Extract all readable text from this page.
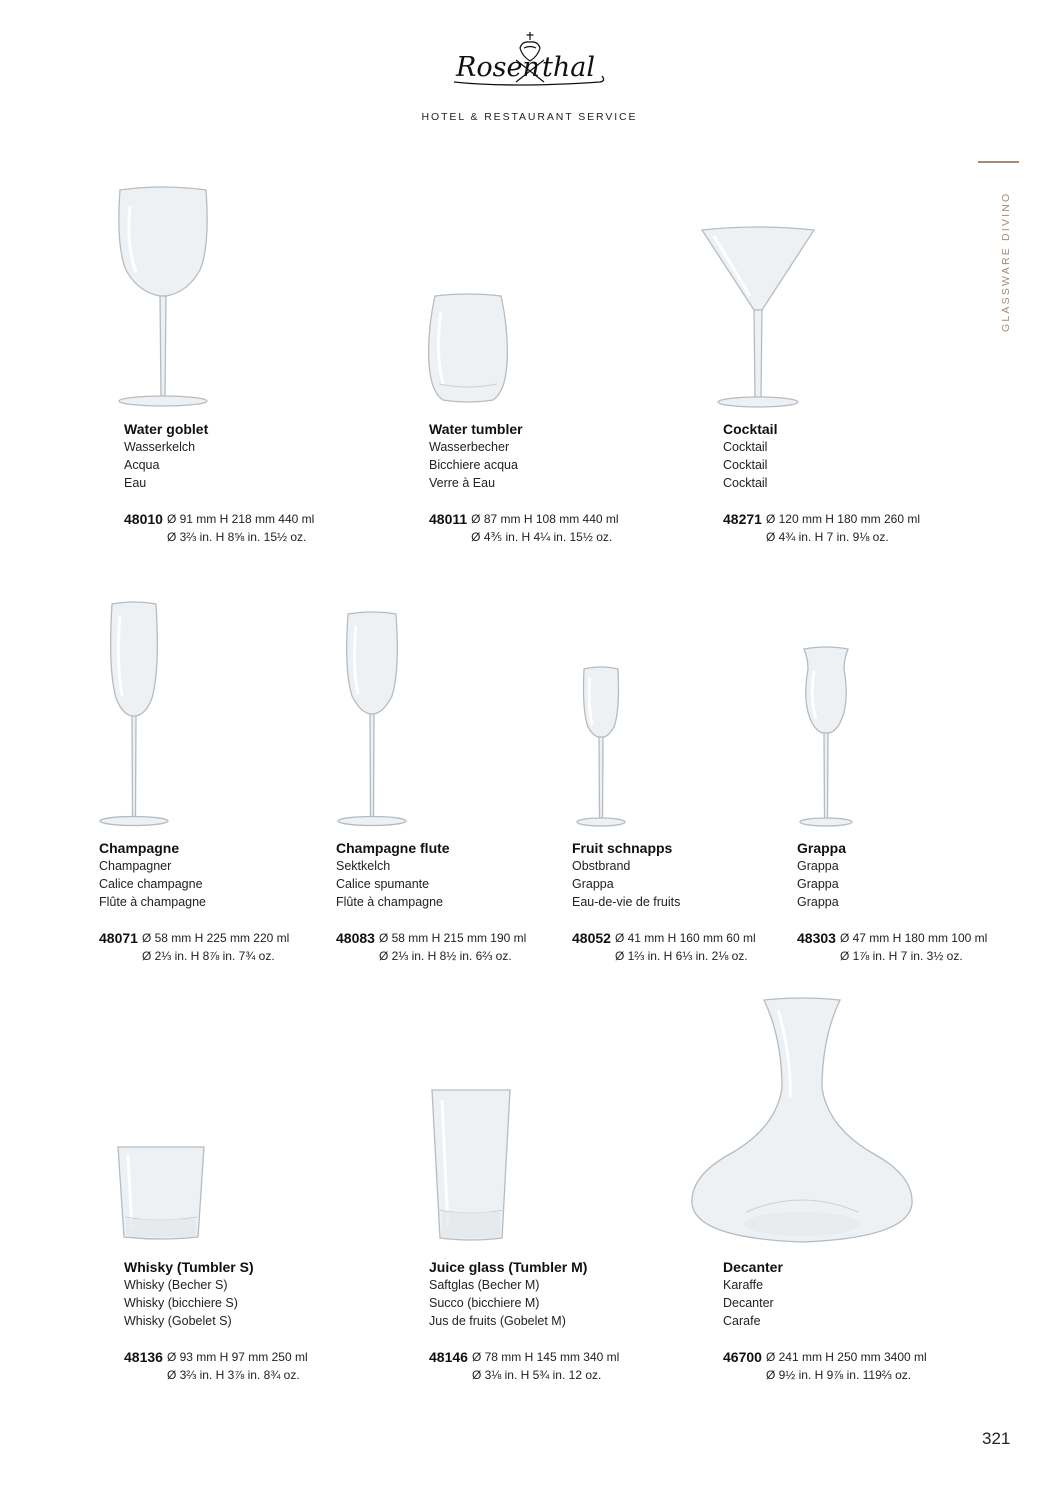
Rosen thal
HOTEL & RESTAURANT SERVICE
GLASSWARE DIVINO
Water goblet
Wasserkelch
Acqua
Eau
48010 Ø 91 mm H 218 mm 440 ml
Ø 3⅔ in. H 8⅝ in. 15½ oz.
Water tumbler
Wasserbecher
Bicchiere acqua
Verre à Eau
48011 Ø 87 mm H 108 mm 440 ml
Ø 4⅗ in. H 4¼ in. 15½ oz.
Cocktail
Cocktail
Cocktail
Cocktail
48271 Ø 120 mm H 180 mm 260 ml
Ø 4¾ in. H 7 in. 9⅛ oz.
Champagne
Champagner
Calice champagne
Flûte à champagne
48071 Ø 58 mm H 225 mm 220 ml
Ø 2⅓ in. H 8⅞ in. 7¾ oz.
Champagne flute
Sektkelch
Calice spumante
Flûte à champagne
48083 Ø 58 mm H 215 mm 190 ml
Ø 2⅓ in. H 8½ in. 6⅔ oz.
Fruit schnapps
Obstbrand
Grappa
Eau-de-vie de fruits
48052 Ø 41 mm H 160 mm 60 ml
Ø 1⅔ in. H 6⅓ in. 2⅛ oz.
Grappa
Grappa
Grappa
Grappa
48303 Ø 47 mm H 180 mm 100 ml
Ø 1⅞ in. H 7 in. 3½ oz.
Whisky (Tumbler S)
Whisky (Becher S)
Whisky (bicchiere S)
Whisky (Gobelet S)
48136 Ø 93 mm H 97 mm 250 ml
Ø 3⅔ in. H 3⅞ in. 8¾ oz.
Juice glass (Tumbler M)
Saftglas (Becher M)
Succo (bicchiere M)
Jus de fruits (Gobelet M)
48146 Ø 78 mm H 145 mm 340 ml
Ø 3⅛ in. H 5¾ in. 12 oz.
Decanter
Karaffe
Decanter
Carafe
46700 Ø 241 mm H 250 mm 3400 ml
Ø 9½ in. H 9⅞ in. 119⅔ oz.
321
